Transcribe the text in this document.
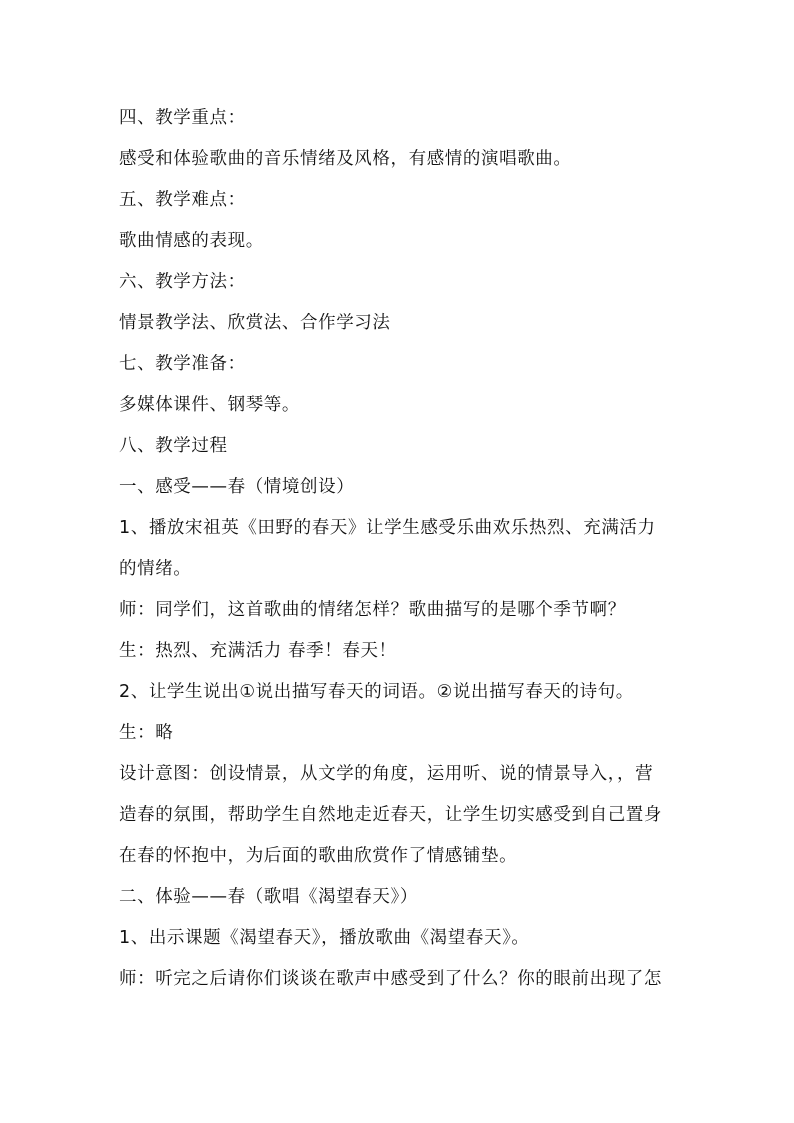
四、教学重点：
感受和体验歌曲的音乐情绪及风格，有感情的演唱歌曲。
五、教学难点：
歌曲情感的表现。
六、教学方法：
情景教学法、欣赏法、合作学习法
七、教学准备：
多媒体课件、钢琴等。
八、教学过程
一、感受——春（情境创设）
1、播放宋祖英《田野的春天》让学生感受乐曲欢乐热烈、充满活力
的情绪。
师：同学们，这首歌曲的情绪怎样？歌曲描写的是哪个季节啊？
生：热烈、充满活力 春季！春天！
2、让学生说出①说出描写春天的词语。②说出描写春天的诗句。
生：略
设计意图：创设情景，从文学的角度，运用听、说的情景导入，，营
造春的氛围，帮助学生自然地走近春天，让学生切实感受到自己置身
在春的怀抱中，为后面的歌曲欣赏作了情感铺垫。
二、体验——春（歌唱《渴望春天》）
1、出示课题《渴望春天》，播放歌曲《渴望春天》。
师：听完之后请你们谈谈在歌声中感受到了什么？你的眼前出现了怎
